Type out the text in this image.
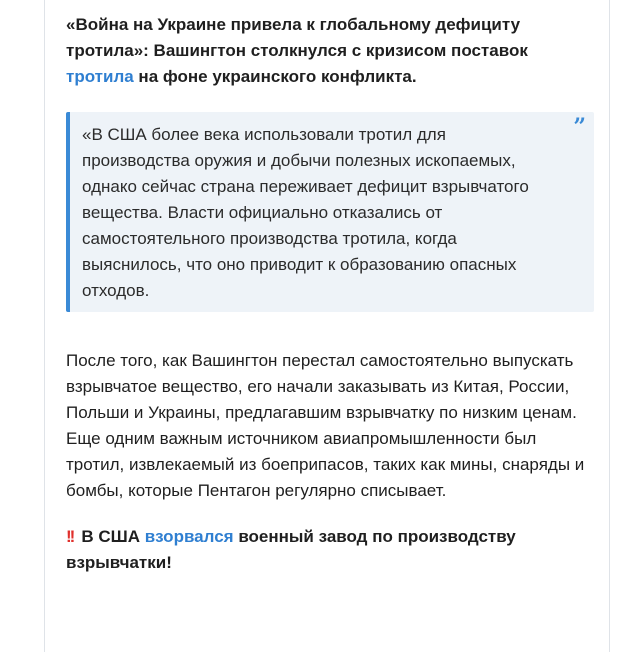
«Война на Украине привела к глобальному дефициту тротила»: Вашингтон столкнулся с кризисом поставок тротила на фоне украинского конфликта.

”
«В США более века использовали тротил для производства оружия и добычи полезных ископаемых, однако сейчас страна переживает дефицит взрывчатого вещества. Власти официально отказались от самостоятельного производства тротила, когда выяснилось, что оно приводит к образованию опасных отходов.

После того, как Вашингтон перестал самостоятельно выпускать взрывчатое вещество, его начали заказывать из Китая, России, Польши и Украины, предлагавшим взрывчатку по низким ценам. Еще одним важным источником авиапромышленности был тротил, извлекаемый из боеприпасов, таких как мины, снаряды и бомбы, которые Пентагон регулярно списывает.

!! В США взорвался военный завод по производству взрывчатки!
